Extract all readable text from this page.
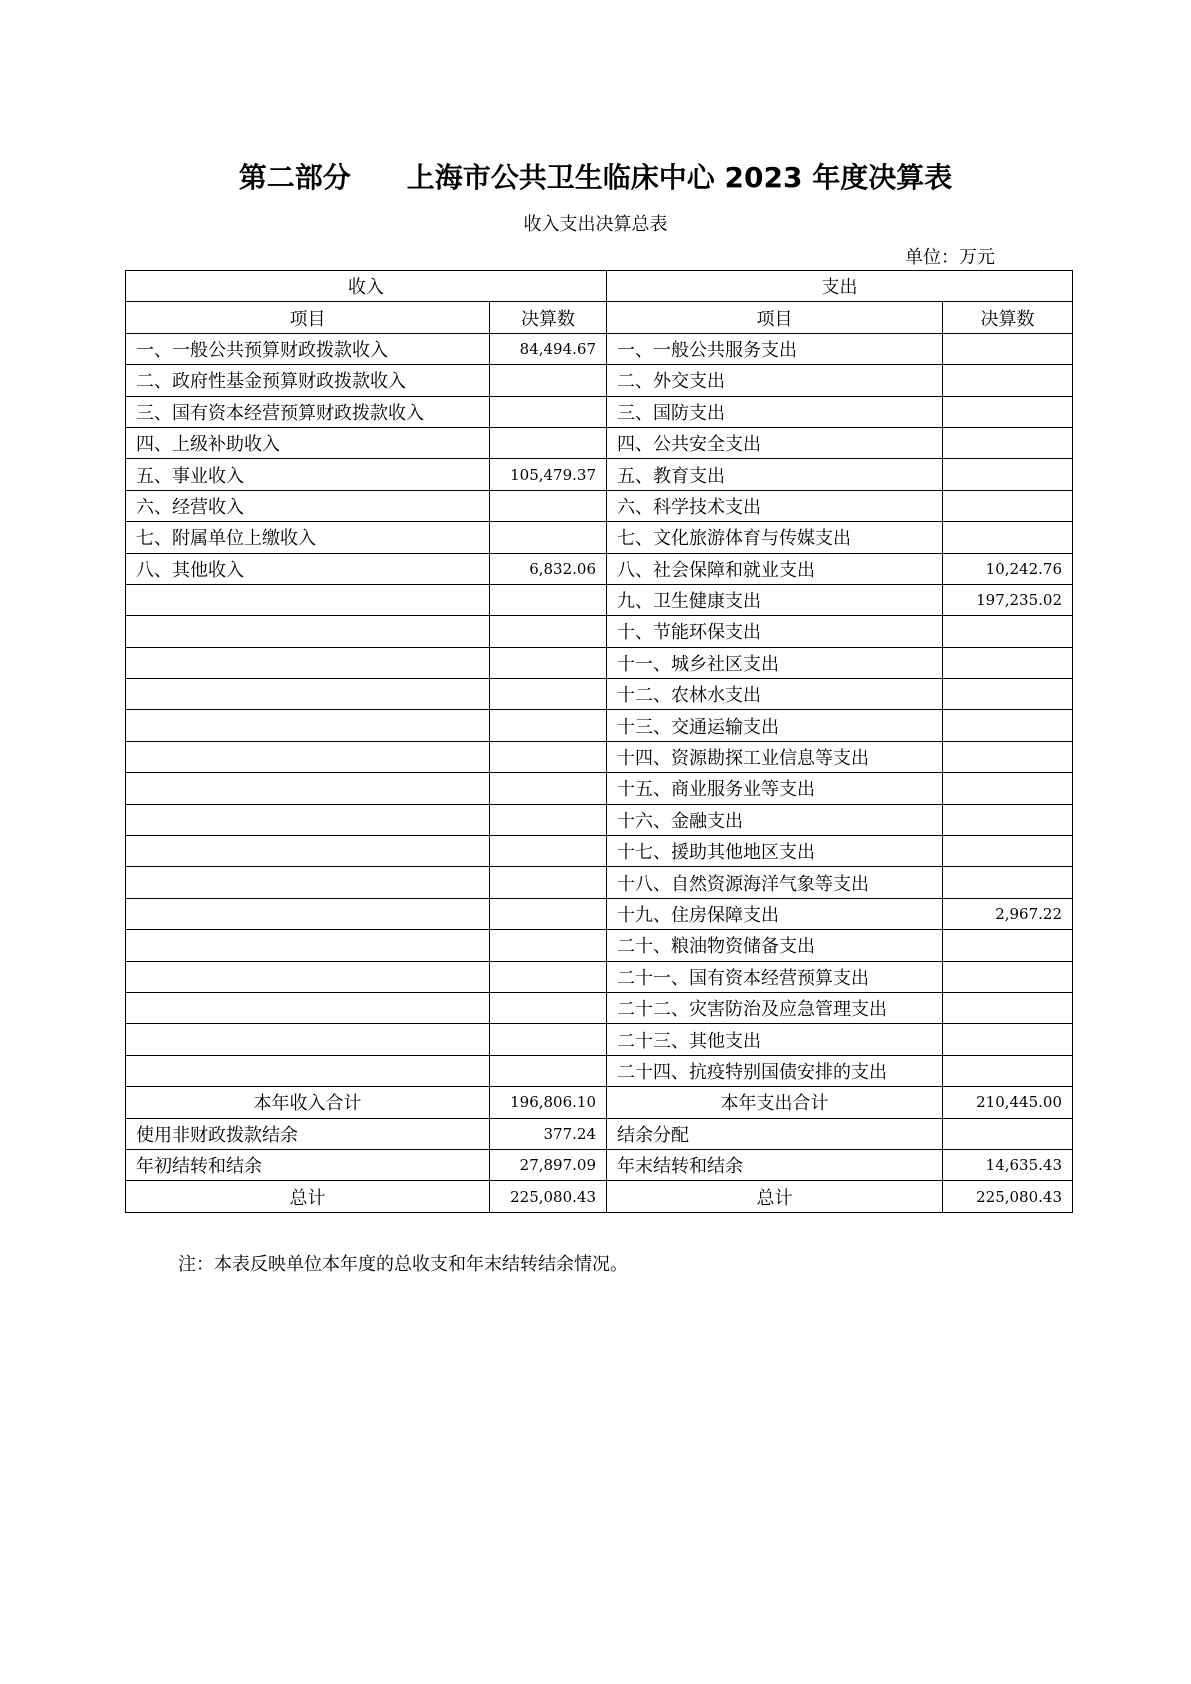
第二部分　　上海市公共卫生临床中心 2023 年度决算表
收入支出决算总表
单位：万元
收入		支出	
项目	决算数	项目	决算数
一、一般公共预算财政拨款收入	84,494.67	一、一般公共服务支出	
二、政府性基金预算财政拨款收入		二、外交支出	
三、国有资本经营预算财政拨款收入		三、国防支出	
四、上级补助收入		四、公共安全支出	
五、事业收入	105,479.37	五、教育支出	
六、经营收入		六、科学技术支出	
七、附属单位上缴收入		七、文化旅游体育与传媒支出	
八、其他收入	6,832.06	八、社会保障和就业支出	10,242.76
		九、卫生健康支出	197,235.02
		十、节能环保支出	
		十一、城乡社区支出	
		十二、农林水支出	
		十三、交通运输支出	
		十四、资源勘探工业信息等支出	
		十五、商业服务业等支出	
		十六、金融支出	
		十七、援助其他地区支出	
		十八、自然资源海洋气象等支出	
		十九、住房保障支出	2,967.22
		二十、粮油物资储备支出	
		二十一、国有资本经营预算支出	
		二十二、灾害防治及应急管理支出	
		二十三、其他支出	
		二十四、抗疫特别国债安排的支出	
本年收入合计	196,806.10	本年支出合计	210,445.00
使用非财政拨款结余	377.24	结余分配	
年初结转和结余	27,897.09	年末结转和结余	14,635.43
总计	225,080.43	总计	225,080.43
注：本表反映单位本年度的总收支和年末结转结余情况。
